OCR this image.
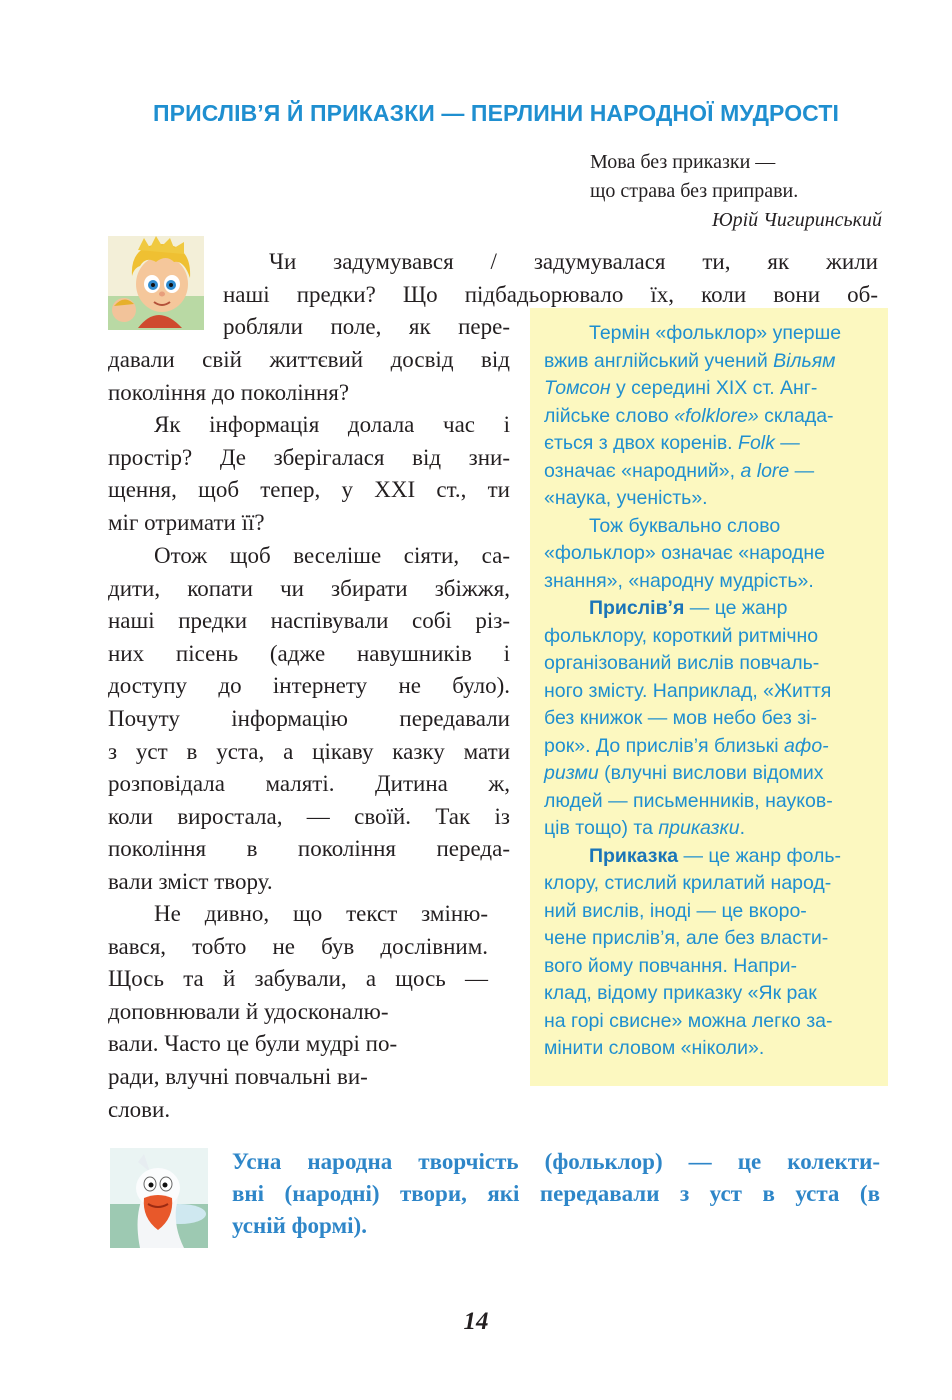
ПРИСЛІВ’Я Й ПРИКАЗКИ — ПЕРЛИНИ НАРОДНОЇ МУДРОСТІ
Мова без приказки —
що страва без приправи.
Юрій Чигиринський
Чи задумувався / задумувалася ти, як жили
наші предки? Що підбадьорювало їх, коли вони об-
робляли поле, як пере-
давали свій життєвий досвід від
покоління до покоління?
Як інформація долала час і
простір? Де зберігалася від зни-
щення, щоб тепер, у XXI ст., ти
міг отримати її?
Отож щоб веселіше сіяти, са-
дити, копати чи збирати збіжжя,
наші предки наспівували собі різ-
них пісень (адже навушників і
доступу до інтернету не було).
Почуту інформацію передавали
з уст в уста, а цікаву казку мати
розповідала маляті. Дитина ж,
коли виростала, — своїй. Так із
покоління в покоління переда-
вали зміст твору.
Не дивно, що текст зміню-
вався, тобто не був дослівним.
Щось та й забували, а щось —
доповнювали й удосконалю-
вали. Часто це були мудрі по-
ради, влучні повчальні ви-
слови.
Термін «фольклор» уперше
вжив англійський учений Вільям
Томсон у середині XIX ст. Анг-
лійське слово «folklore» склада-
ється з двох коренів. Folk —
означає «народний», a lore —
«наука, ученість».
Тож буквально слово
«фольклор» означає «народне
знання», «народну мудрість».
Прислів’я — це жанр
фольклору, короткий ритмічно
організований вислів повчаль-
ного змісту. Наприклад, «Життя
без книжок — мов небо без зі-
рок». До прислів’я близькі афо-
ризми (влучні вислови відомих
людей — письменників, науков-
ців тощо) та приказки.
Приказка — це жанр фоль-
клору, стислий крилатий народ-
ний вислів, іноді — це вкоро-
чене прислів’я, але без власти-
вого йому повчання. Напри-
клад, відому приказку «Як рак
на горі свисне» можна легко за-
мінити словом «ніколи».
Усна народна творчість (фольклор) — це колекти-
вні (народні) твори, які передавали з уст в уста (в
усній формі).
14
